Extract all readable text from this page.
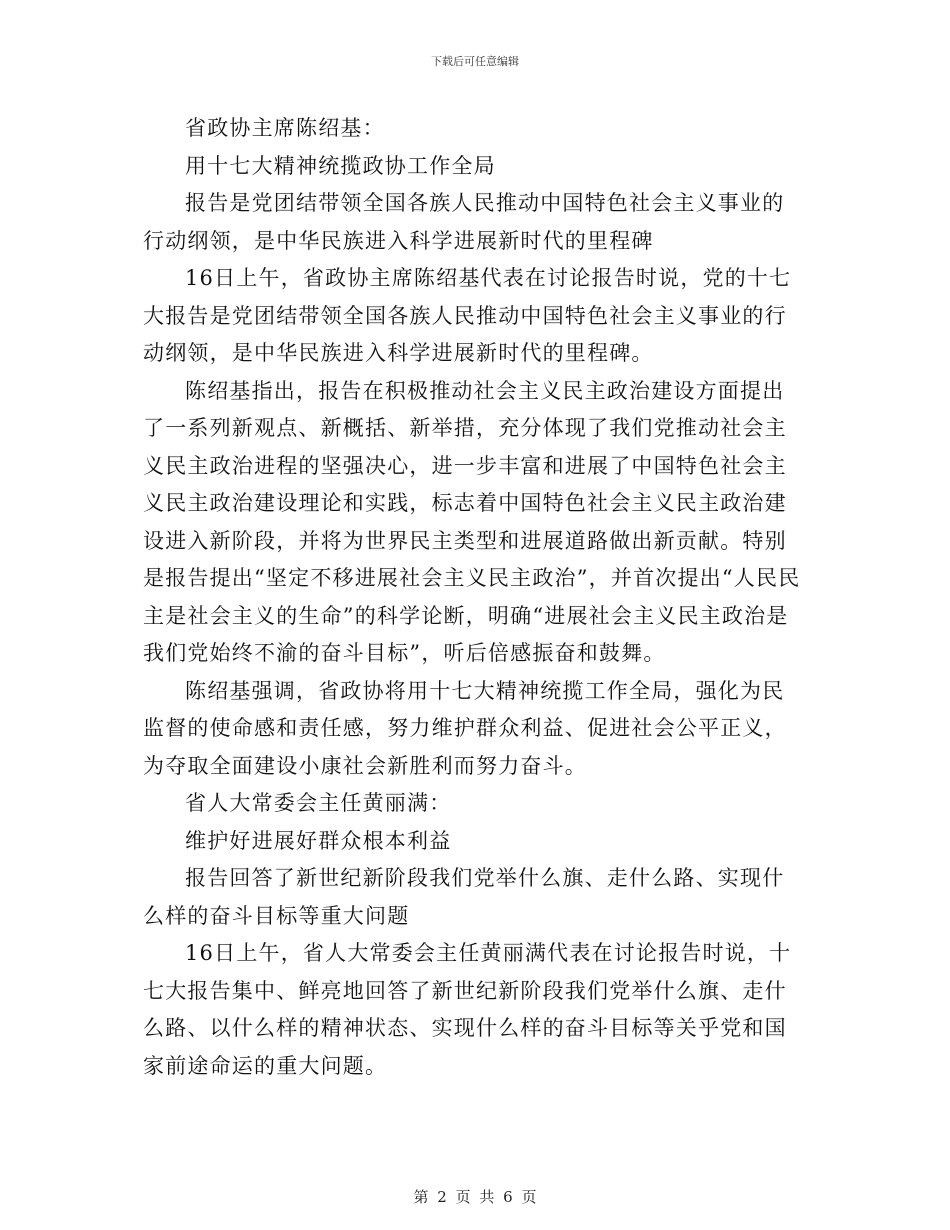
下载后可任意编辑

省政协主席陈绍基：

用十七大精神统揽政协工作全局

报告是党团结带领全国各族人民推动中国特色社会主义事业的行动纲领，是中华民族进入科学进展新时代的里程碑

16日上午，省政协主席陈绍基代表在讨论报告时说，党的十七大报告是党团结带领全国各族人民推动中国特色社会主义事业的行动纲领，是中华民族进入科学进展新时代的里程碑。

陈绍基指出，报告在积极推动社会主义民主政治建设方面提出了一系列新观点、新概括、新举措，充分体现了我们党推动社会主义民主政治进程的坚强决心，进一步丰富和进展了中国特色社会主义民主政治建设理论和实践，标志着中国特色社会主义民主政治建设进入新阶段，并将为世界民主类型和进展道路做出新贡献。特别是报告提出“坚定不移进展社会主义民主政治”，并首次提出“人民民主是社会主义的生命”的科学论断，明确“进展社会主义民主政治是我们党始终不渝的奋斗目标”，听后倍感振奋和鼓舞。

陈绍基强调，省政协将用十七大精神统揽工作全局，强化为民监督的使命感和责任感，努力维护群众利益、促进社会公平正义，为夺取全面建设小康社会新胜利而努力奋斗。

省人大常委会主任黄丽满：

维护好进展好群众根本利益

报告回答了新世纪新阶段我们党举什么旗、走什么路、实现什么样的奋斗目标等重大问题

16日上午，省人大常委会主任黄丽满代表在讨论报告时说，十七大报告集中、鲜亮地回答了新世纪新阶段我们党举什么旗、走什么路、以什么样的精神状态、实现什么样的奋斗目标等关乎党和国家前途命运的重大问题。

第 2 页 共 6 页
